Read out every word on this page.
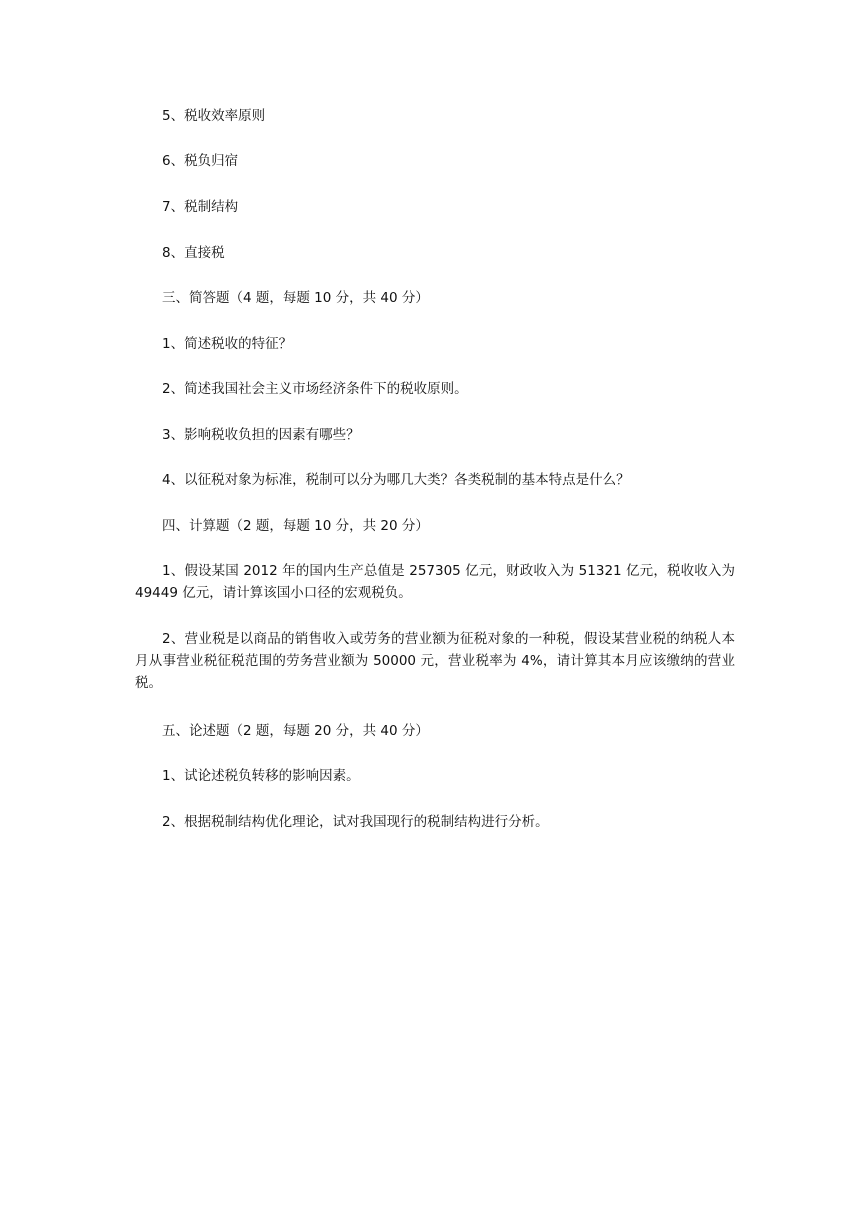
5、税收效率原则
6、税负归宿
7、税制结构
8、直接税
三、简答题（4 题，每题 10 分，共 40 分）
1、简述税收的特征？
2、简述我国社会主义市场经济条件下的税收原则。
3、影响税收负担的因素有哪些？
4、以征税对象为标准，税制可以分为哪几大类？各类税制的基本特点是什么？
四、计算题（2 题，每题 10 分，共 20 分）
1、假设某国 2012 年的国内生产总值是 257305 亿元，财政收入为 51321 亿元，税收收入为 49449 亿元，请计算该国小口径的宏观税负。
2、营业税是以商品的销售收入或劳务的营业额为征税对象的一种税，假设某营业税的纳税人本月从事营业税征税范围的劳务营业额为 50000 元，营业税率为 4%，请计算其本月应该缴纳的营业税。
五、论述题（2 题，每题 20 分，共 40 分）
1、试论述税负转移的影响因素。
2、根据税制结构优化理论，试对我国现行的税制结构进行分析。
